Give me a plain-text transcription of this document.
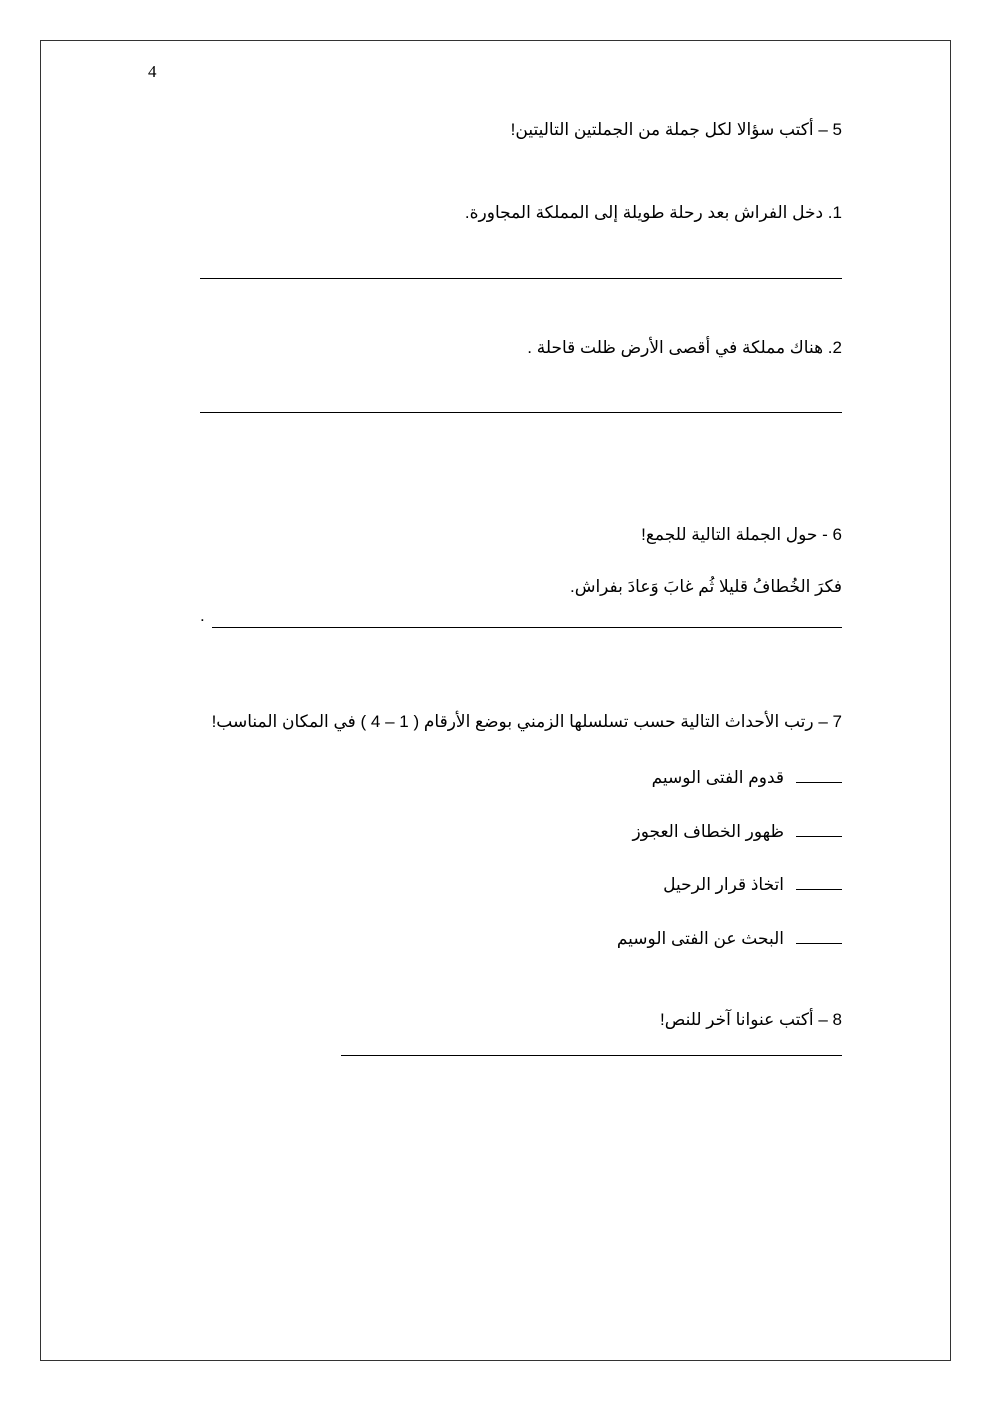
4
5 – أكتب سؤالا لكل جملة من الجملتين التاليتين!
1. دخل الفراش بعد رحلة طويلة إلى المملكة المجاورة.
2. هناك مملكة في أقصى الأرض ظلت قاحلة .
6 - حول الجملة التالية للجمع!
فكرَ الخُطافُ قليلا ثُم غابَ وَعادَ بفراش.
.
7 – رتب الأحداث التالية حسب تسلسلها الزمني بوضع الأرقام ( 1 – 4 ) في المكان المناسب!
قدوم الفتى الوسيم
ظهور الخطاف العجوز
اتخاذ قرار الرحيل
البحث عن الفتى الوسيم
8 – أكتب عنوانا آخر للنص!
